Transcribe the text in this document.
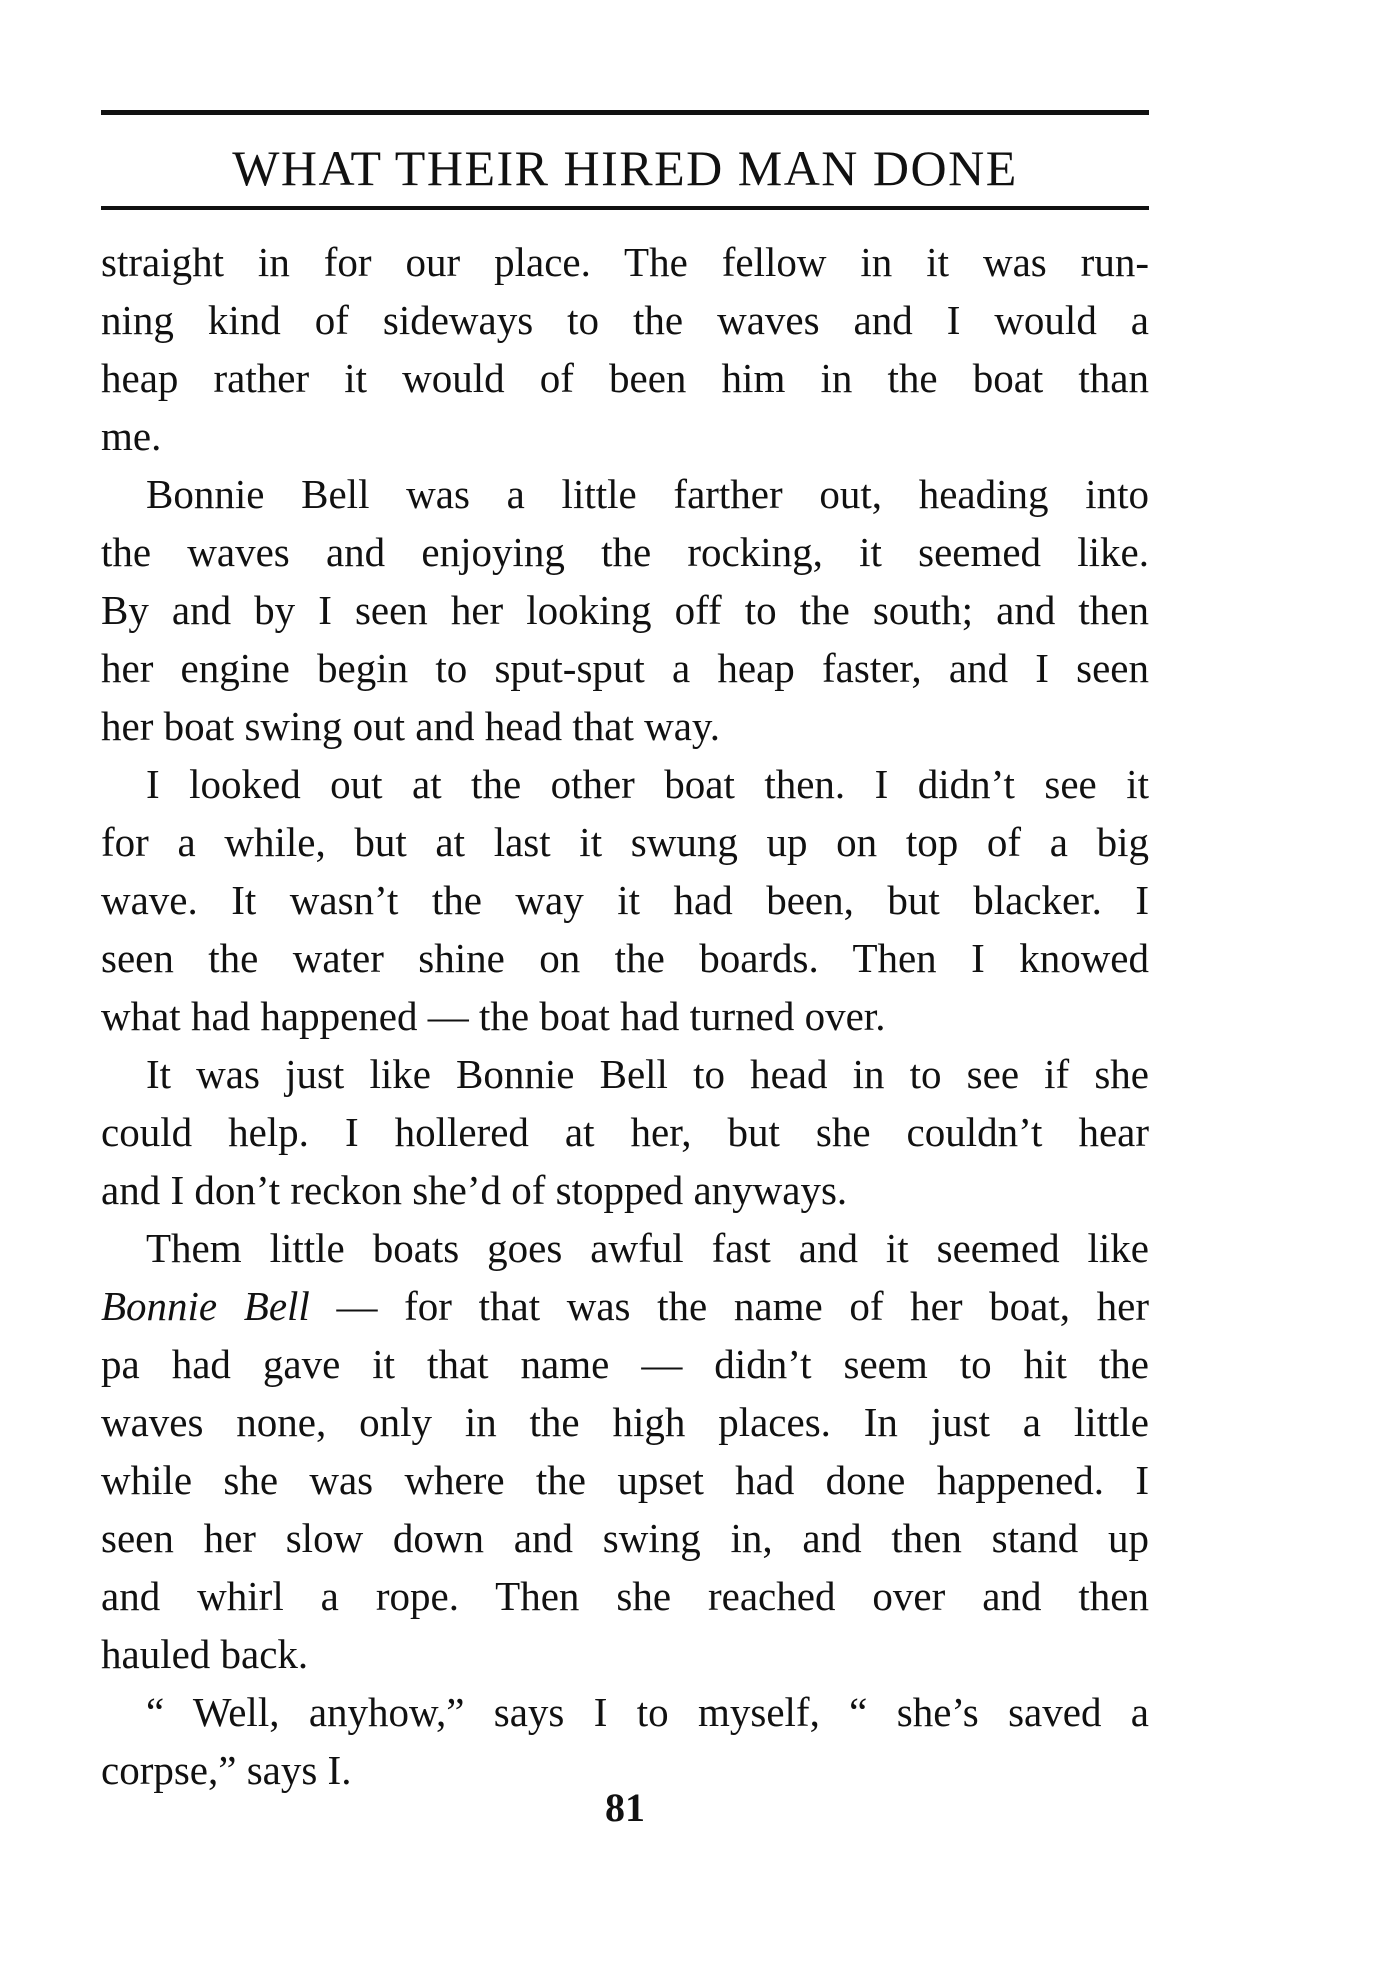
WHAT THEIR HIRED MAN DONE

straight in for our place. The fellow in it was run-
ning kind of sideways to the waves and I would a
heap rather it would of been him in the boat than
me.

Bonnie Bell was a little farther out, heading into
the waves and enjoying the rocking, it seemed like.
By and by I seen her looking off to the south; and then
her engine begin to sput-sput a heap faster, and I seen
her boat swing out and head that way.

I looked out at the other boat then. I didn’t see it
for a while, but at last it swung up on top of a big
wave. It wasn’t the way it had been, but blacker. I
seen the water shine on the boards. Then I knowed
what had happened — the boat had turned over.

It was just like Bonnie Bell to head in to see if she
could help. I hollered at her, but she couldn’t hear
and I don’t reckon she’d of stopped anyways.

Them little boats goes awful fast and it seemed like
Bonnie Bell — for that was the name of her boat, her
pa had gave it that name — didn’t seem to hit the
waves none, only in the high places. In just a little
while she was where the upset had done happened. I
seen her slow down and swing in, and then stand up
and whirl a rope. Then she reached over and then
hauled back.

“ Well, anyhow,” says I to myself, “ she’s saved a
corpse,” says I.

81
